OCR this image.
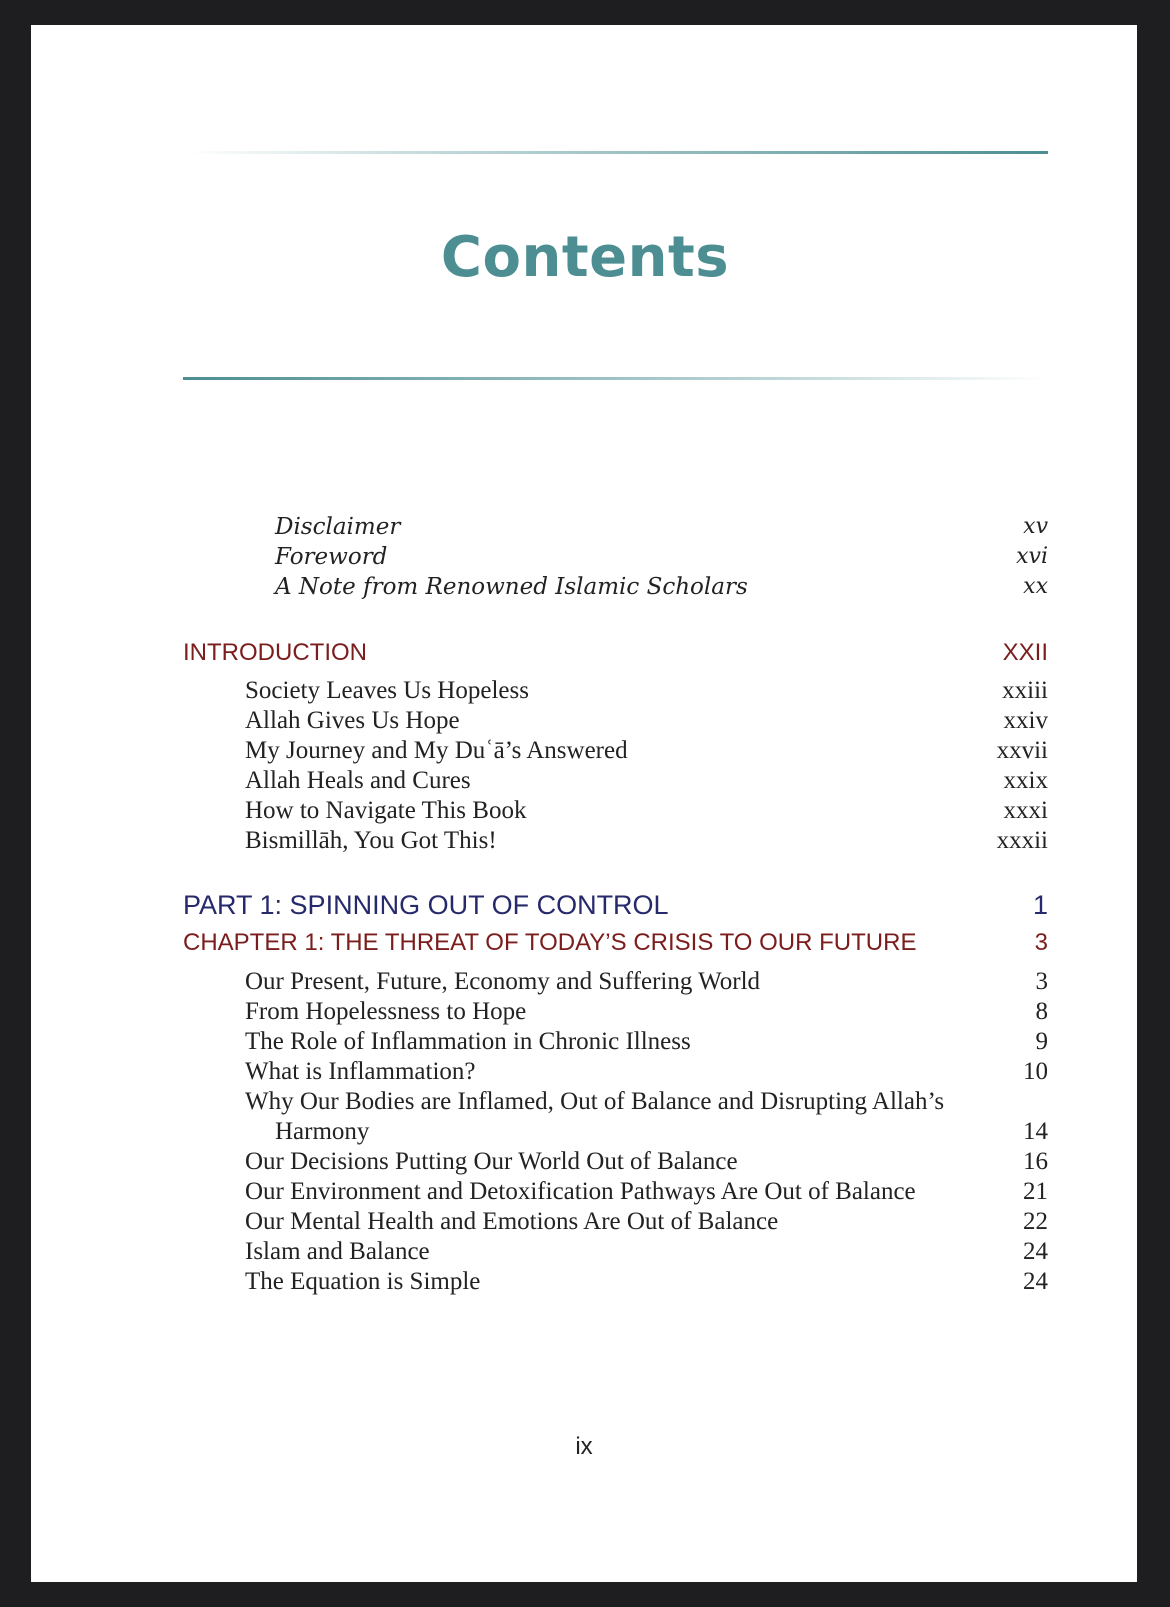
Contents
Disclaimer	xv
Foreword	xvi
A Note from Renowned Islamic Scholars	xx
INTRODUCTION	XXII
Society Leaves Us Hopeless	xxiii
Allah Gives Us Hope	xxiv
My Journey and My Duʿā’s Answered	xxvii
Allah Heals and Cures	xxix
How to Navigate This Book	xxxi
Bismillāh, You Got This!	xxxii
PART 1: SPINNING OUT OF CONTROL	1
CHAPTER 1: THE THREAT OF TODAY’S CRISIS TO OUR FUTURE	3
Our Present, Future, Economy and Suffering World	3
From Hopelessness to Hope	8
The Role of Inflammation in Chronic Illness	9
What is Inflammation?	10
Why Our Bodies are Inflamed, Out of Balance and Disrupting Allah’s
Harmony	14
Our Decisions Putting Our World Out of Balance	16
Our Environment and Detoxification Pathways Are Out of Balance	21
Our Mental Health and Emotions Are Out of Balance	22
Islam and Balance	24
The Equation is Simple	24
ix
